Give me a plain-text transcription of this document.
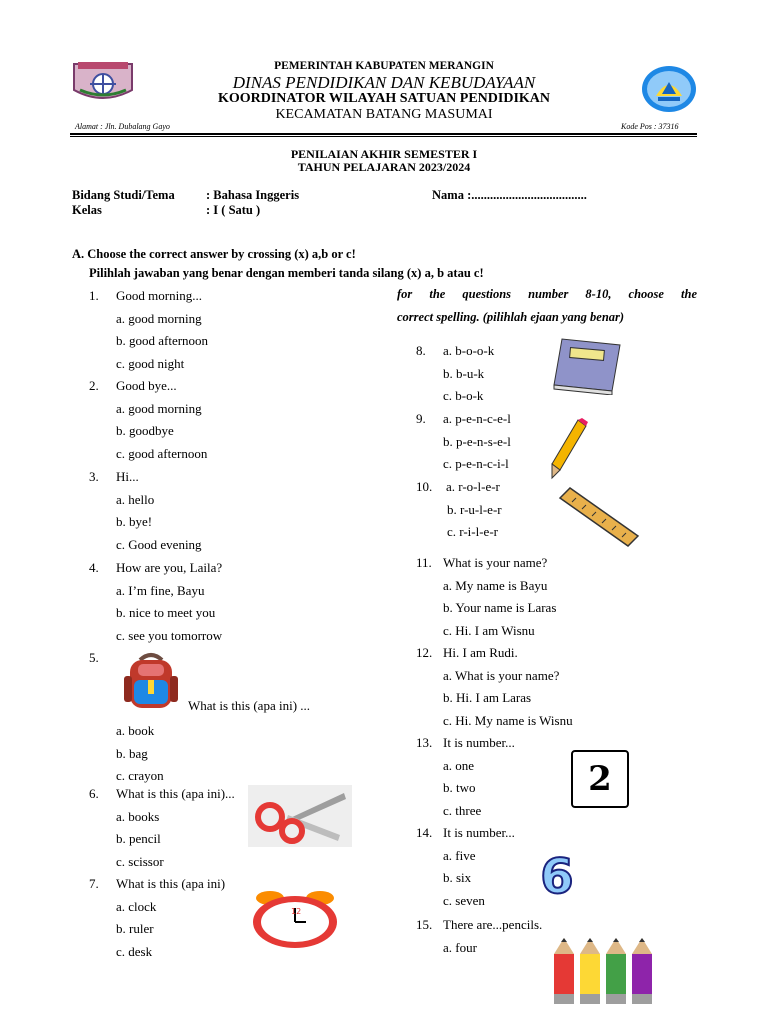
PEMERINTAH KABUPATEN MERANGIN
DINAS PENDIDIKAN DAN KEBUDAYAAN
KOORDINATOR WILAYAH SATUAN PENDIDIKAN
KECAMATAN BATANG MASUMAI
Alamat : Jln. Dubalang Gayo	Kode Pos : 37316
PENILAIAN AKHIR SEMESTER I
TAHUN PELAJARAN 2023/2024
Bidang Studi/Tema	: Bahasa Inggeris
Kelas	: I ( Satu )
Nama :.....................................
A. Choose the correct answer by crossing (x) a,b or c!
Pilihlah jawaban yang benar dengan memberi tanda silang (x) a, b atau c!
1. Good morning...
a. good morning
b. good afternoon
c. good night
2. Good bye...
a. good morning
b. goodbye
c. good afternoon
3. Hi...
a. hello
b. bye!
c. Good evening
4. How are you, Laila?
a. I’m fine, Bayu
b. nice to meet you
c. see you tomorrow
5.
What is this (apa ini) ...
a. book
b. bag
c. crayon
6. What is this (apa ini)...
a. books
b. pencil
c. scissor
7. What is this (apa ini)
a. clock
b. ruler
c. desk
for the questions number 8-10, choose the
correct spelling. (pilihlah ejaan yang benar)
8. a. b-o-o-k
b. b-u-k
c. b-o-k
9. a. p-e-n-c-e-l
b. p-e-n-s-e-l
c. p-e-n-c-i-l
10. a. r-o-l-e-r
b. r-u-l-e-r
c. r-i-l-e-r
11. What is your name?
a. My name is Bayu
b. Your name is Laras
c. Hi. I am Wisnu
12. Hi. I am Rudi.
a. What is your name?
b. Hi. I am Laras
c. Hi. My name is Wisnu
13. It is number...
a. one
b. two
c. three
14. It is number...
a. five
b. six
c. seven
15. There are...pencils.
a. four
12
2
6
